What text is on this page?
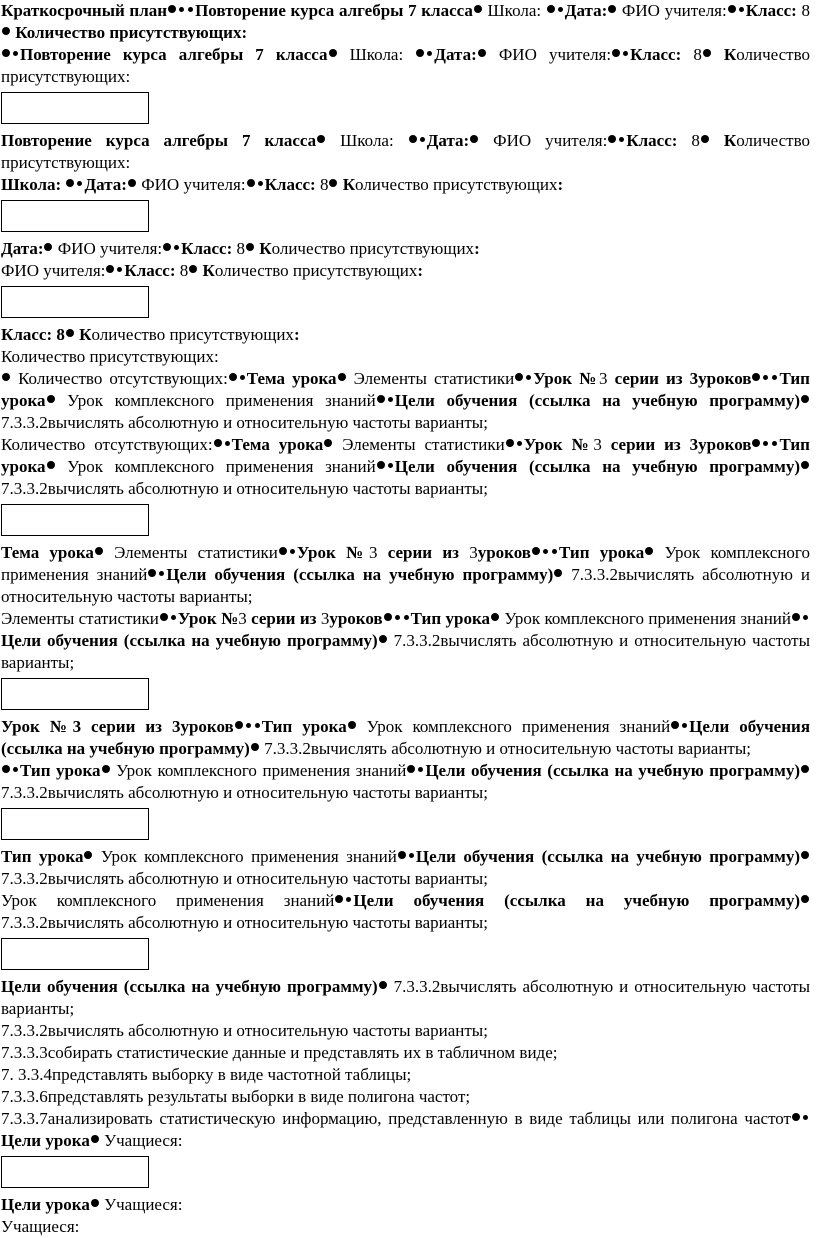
Краткосрочный план Повторение курса алгебры 7 класса Школа: Дата: ФИО учителя: Класс: 8 Количество присутствующих:

Повторение курса алгебры 7 класса Школа: Дата: ФИО учителя: Класс: 8 Количество присутствующих:

Повторение курса алгебры 7 класса Школа: Дата: ФИО учителя: Класс: 8 Количество присутствующих:

Школа: Дата: ФИО учителя: Класс: 8 Количество присутствующих:

Дата: ФИО учителя: Класс: 8 Количество присутствующих:

ФИО учителя: Класс: 8 Количество присутствующих:

Класс: 8 Количество присутствующих:

Количество присутствующих:

Количество отсутствующих: Тема урока Элементы статистики Урок №3 серии из 3уроков Тип урока Урок комплексного применения знаний Цели обучения (ссылка на учебную программу) 7.3.3.2вычислять абсолютную и относительную частоты варианты;

Количество отсутствующих: Тема урока Элементы статистики Урок №3 серии из 3уроков Тип урока Урок комплексного применения знаний Цели обучения (ссылка на учебную программу) 7.3.3.2вычислять абсолютную и относительную частоты варианты;

Тема урока Элементы статистики Урок №3 серии из 3уроков Тип урока Урок комплексного применения знаний Цели обучения (ссылка на учебную программу) 7.3.3.2вычислять абсолютную и относительную частоты варианты;

Элементы статистики Урок №3 серии из 3уроков Тип урока Урок комплексного применения знанийЦели обучения (ссылка на учебную программу) 7.3.3.2вычислять абсолютную и относительную частоты варианты;

Урок №3 серии из 3уроков Тип урока Урок комплексного применения знаний Цели обучения (ссылка на учебную программу) 7.3.3.2вычислять абсолютную и относительную частоты варианты;

Тип урока Урок комплексного применения знаний Цели обучения (ссылка на учебную программу) 7.3.3.2вычислять абсолютную и относительную частоты варианты;

Тип урока Урок комплексного применения знаний Цели обучения (ссылка на учебную программу) 7.3.3.2вычислять абсолютную и относительную частоты варианты;

Урок комплексного применения знаний Цели обучения (ссылка на учебную программу) 7.3.3.2вычислять абсолютную и относительную частоты варианты;

Цели обучения (ссылка на учебную программу) 7.3.3.2вычислять абсолютную и относительную частоты варианты;

7.3.3.2вычислять абсолютную и относительную частоты варианты;

7.3.3.3собирать статистические данные и представлять их в табличном виде;

7. 3.3.4представлять выборку в виде частотной таблицы;

7.3.3.6представлять результаты выборки в виде полигона частот;

7.3.3.7анализировать статистическую информацию, представленную в виде таблицы или полигона частотЦели урока Учащиеся:

Цели урока Учащиеся:

Учащиеся:
